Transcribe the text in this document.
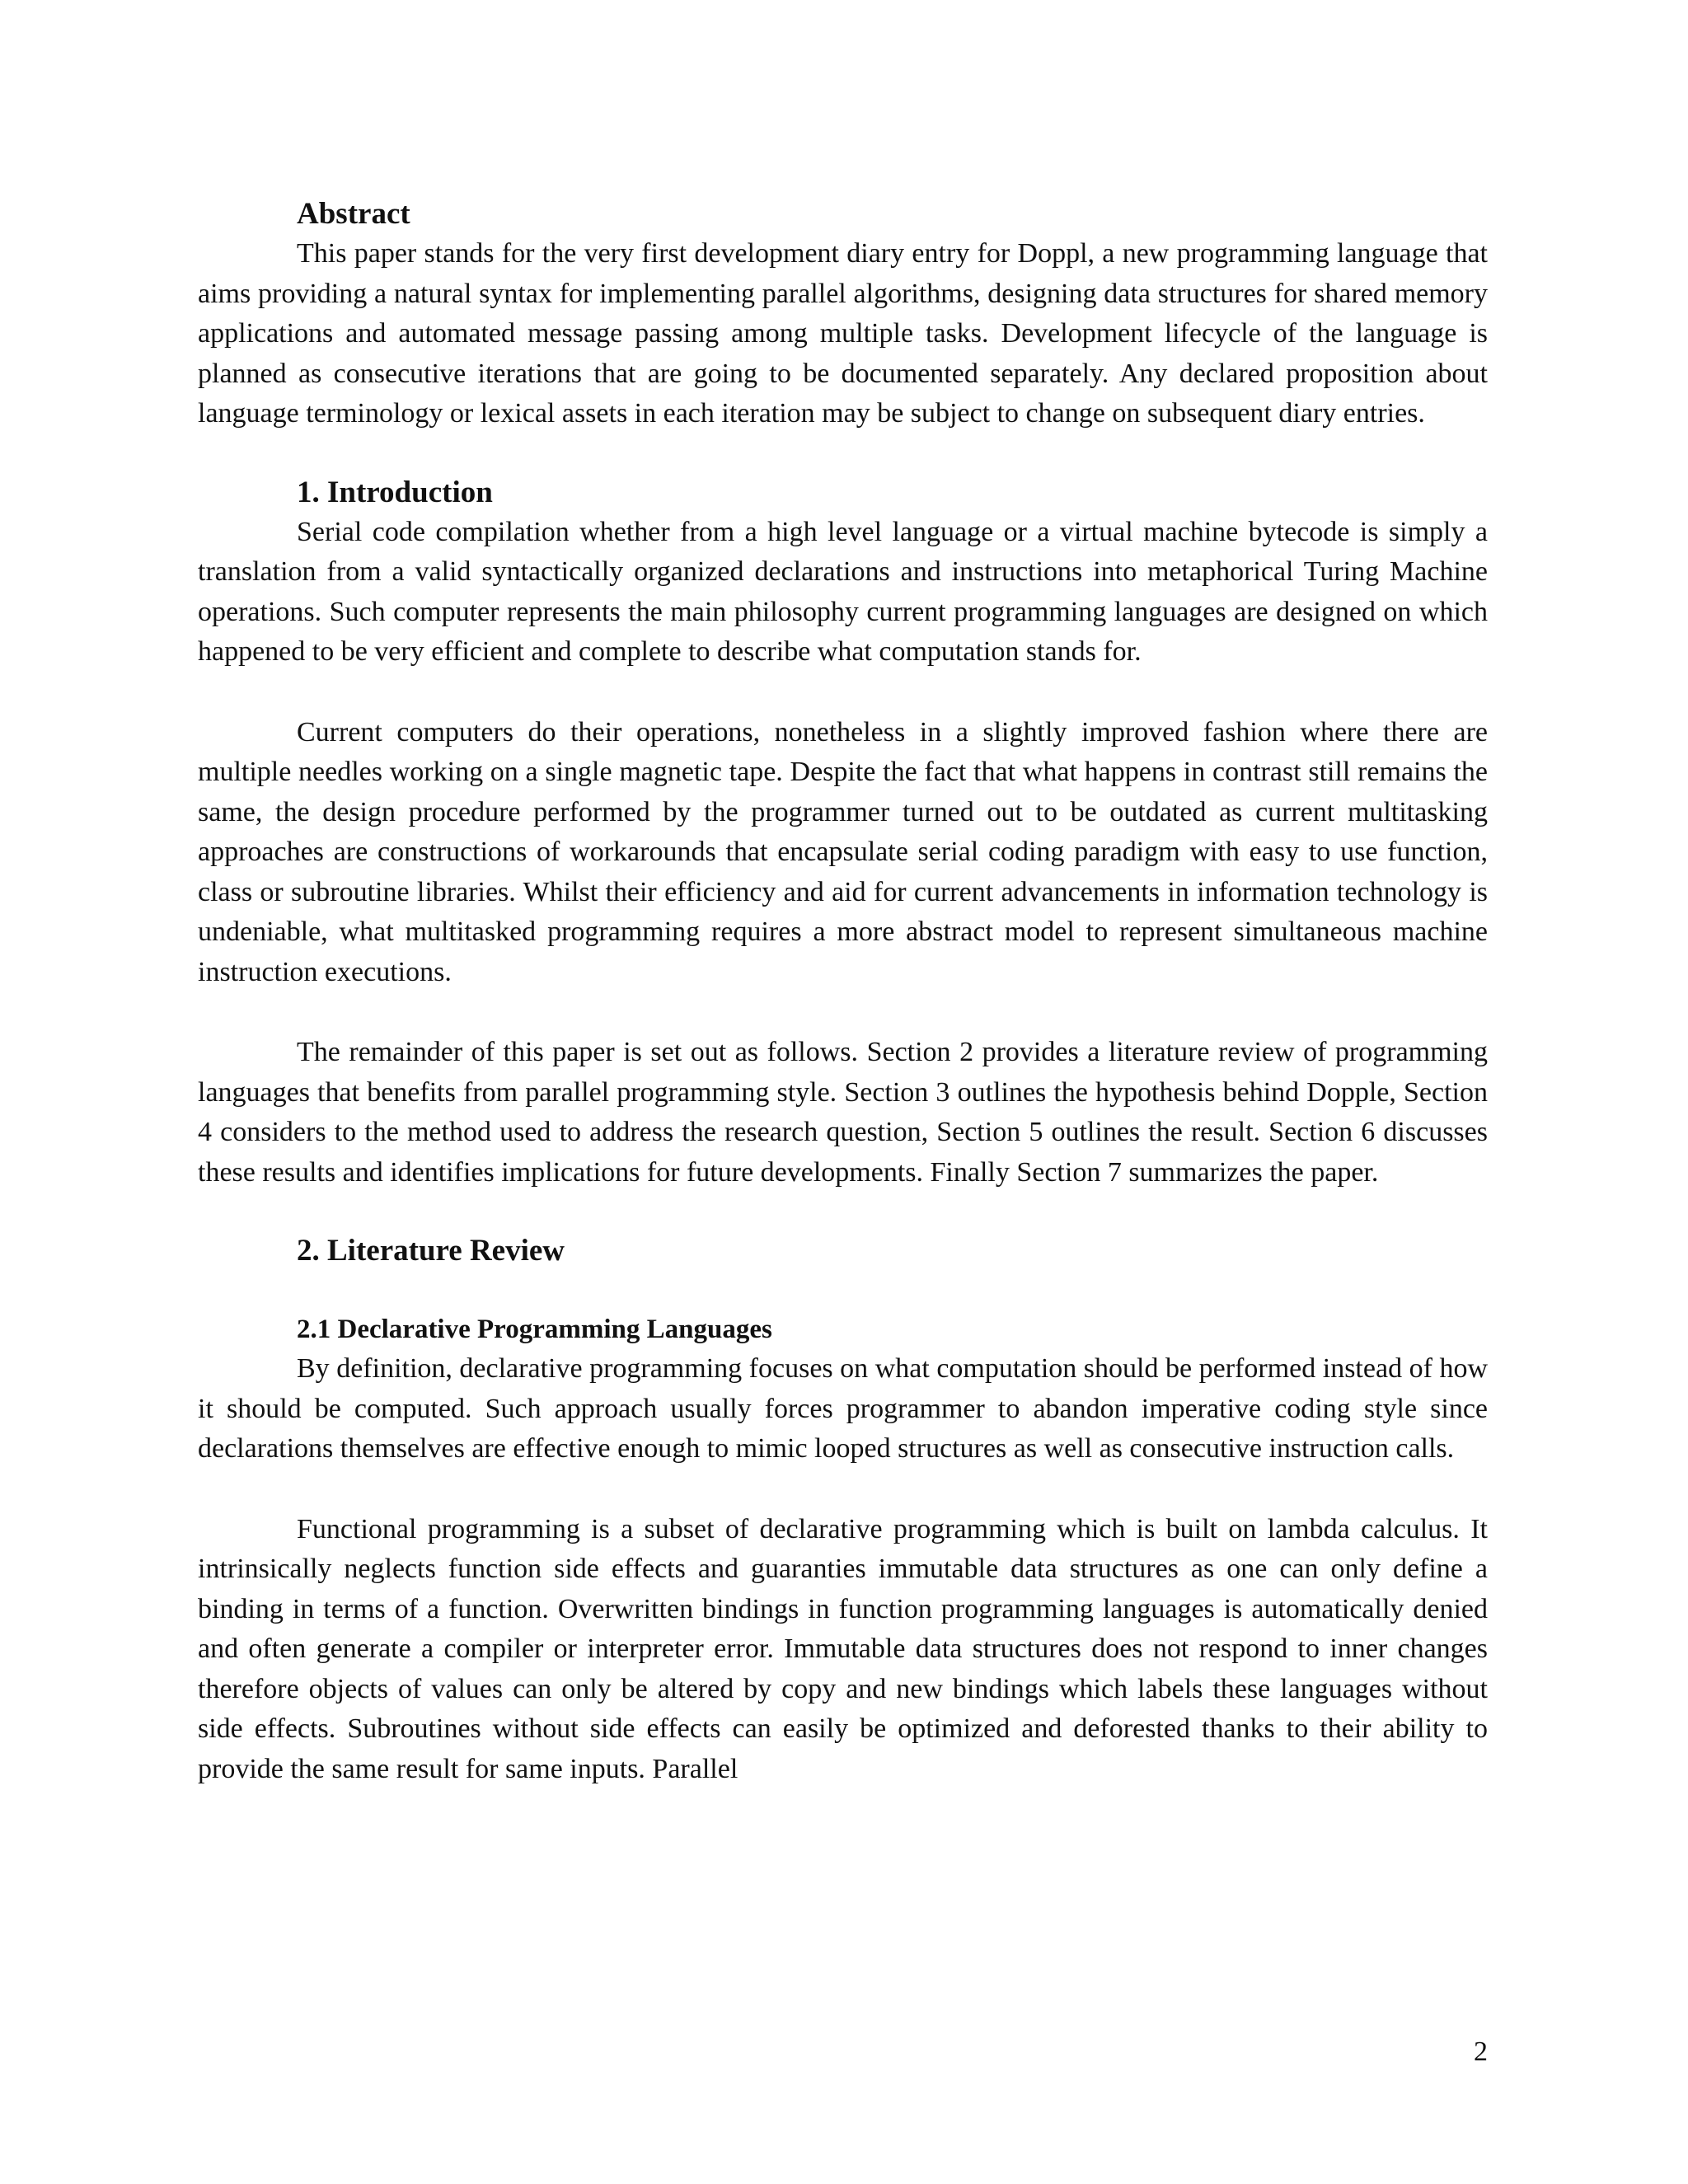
Abstract

This paper stands for the very first development diary entry for Doppl, a new programming language that aims providing a natural syntax for implementing parallel algorithms, designing data structures for shared memory applications and automated message passing among multiple tasks. Development lifecycle of the language is planned as consecutive iterations that are going to be documented separately. Any declared proposition about language terminology or lexical assets in each iteration may be subject to change on subsequent diary entries.

1. Introduction

Serial code compilation whether from a high level language or a virtual machine bytecode is simply a translation from a valid syntactically organized declarations and instructions into metaphorical Turing Machine operations. Such computer represents the main philosophy current programming languages are designed on which happened to be very efficient and complete to describe what computation stands for.

Current computers do their operations, nonetheless in a slightly improved fashion where there are multiple needles working on a single magnetic tape. Despite the fact that what happens in contrast still remains the same, the design procedure performed by the programmer turned out to be outdated as current multitasking approaches are constructions of workarounds that encapsulate serial coding paradigm with easy to use function, class or subroutine libraries. Whilst their efficiency and aid for current advancements in information technology is undeniable, what multitasked programming requires a more abstract model to represent simultaneous machine instruction executions.

The remainder of this paper is set out as follows. Section 2 provides a literature review of programming languages that benefits from parallel programming style. Section 3 outlines the hypothesis behind Dopple, Section 4 considers to the method used to address the research question, Section 5 outlines the result. Section 6 discusses these results and identifies implications for future developments. Finally Section 7 summarizes the paper.

2. Literature Review
2.1 Declarative Programming Languages

By definition, declarative programming focuses on what computation should be performed instead of how it should be computed. Such approach usually forces programmer to abandon imperative coding style since declarations themselves are effective enough to mimic looped structures as well as consecutive instruction calls.

Functional programming is a subset of declarative programming which is built on lambda calculus. It intrinsically neglects function side effects and guaranties immutable data structures as one can only define a binding in terms of a function. Overwritten bindings in function programming languages is automatically denied and often generate a compiler or interpreter error. Immutable data structures does not respond to inner changes therefore objects of values can only be altered by copy and new bindings which labels these languages without side effects. Subroutines without side effects can easily be optimized and deforested thanks to their ability to provide the same result for same inputs. Parallel

2
